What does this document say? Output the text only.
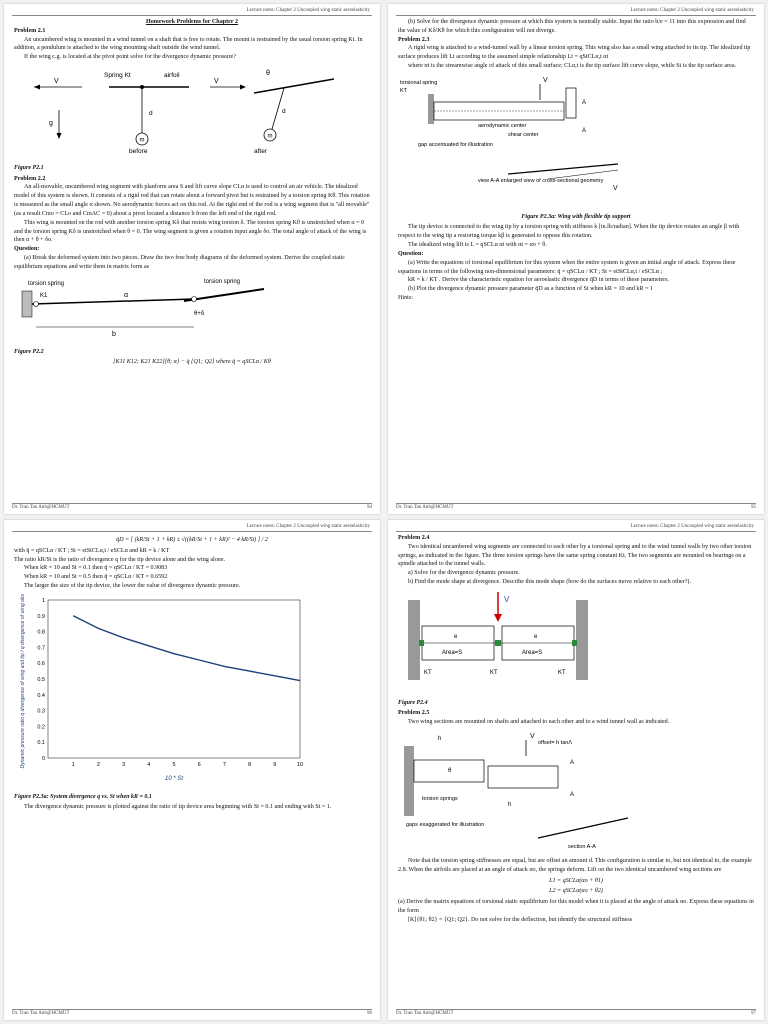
Lecture notes: Chapter 2 Uncoupled wing static aeroelasticity

Homework Problems for Chapter 2

Problem 2.1

An uncambered wing is mounted in a wind tunnel on a shaft that is free to rotate. The mount is restrained by the usual torsion spring Kt. In addition, a pendulum is attached to the wing mounting shaft outside the wind tunnel.

If the wing c.g. is located at the pivot point solve for the divergence dynamic pressure?

V
Spring Kt	airfoil
m
d
g
before
V
θ
m
d
after

Figure P2.1

Problem 2.2

An all-movable, uncambered wing segment with planform area S and lift curve slope CLα is used to control an air vehicle. The idealized model of this system is shown. It consists of a rigid rod that can rotate about a forward pivot but is restrained by a torsion spring Kθ. This rotation is measured as the small angle α shown. No aerodynamic forces act on this rod. At the right end of the rod is a wing segment that is "all movable" (as a result Cmo = CLo and CmAC = 0) about a pivot located a distance b from the left end of the rigid rod.

This wing is mounted on the rod with another torsion spring Kδ that resists wing torsion δ. The torsion spring Kθ is unstretched when α = 0 and the torsion spring Kδ is unstretched when θ = 0. The wing segment is given a rotation input angle δo. The total angle of attack of the wing is then α + θ + δo.

Question:

(a) Break the deformed system into two pieces. Draw the two free body diagrams of the deformed system. Derive the coupled static equilibrium equations and write them in matrix form as

torsion spring	torsion spring
K1	α
θ+δ
b

Figure P2.2

[K11 K12; K21 K22]{θ; α} − q̄ {Q1; Q2} where q̄ = qSCLα / Kθ

Dr. Tran Tan Anh@HCMUT	94
Lecture notes: Chapter 2 Uncoupled wing static aeroelasticity

(b) Solve for the divergence dynamic pressure at which this system is neutrally stable. Input the ratio b/e = 11 into this expression and find the value of Kδ/Kθ for which this configuration will not diverge.

Problem 2.3

A rigid wing is attached to a wind-tunnel wall by a linear torsion spring. This wing also has a small wing attached to its tip. The idealized tip surface produces lift Lt according to the assumed simple relationship Lt = qStCLα,t αt

where αt is the streamwise angle of attack of this small surface; CLα,t is the tip surface lift curve slope, while St is the tip surface area.

torsional spring
KT
V
aerodynamic center
shear center
A
A
gap accentuated for illustration
view A-A enlarged view of cross-sectional geometry
V

Figure P2.3a: Wing with flexible tip support

The tip device is connected to the wing tip by a torsion spring with stiffness k [in.lb/radian]. When the tip device rotates an angle β with respect to the wing tip a restoring torque kβ is generated to oppose this rotation.

The idealized wing lift is L = qSCLα αt with αt = αo + θ.

Question:

(a) Write the equations of torsional equilibrium for this system when the entire system is given an initial angle of attack. Express these equations in terms of the following non-dimensional parameters: q̄ = qSCLα / KT ; St = etStCLα,t / eSCLα ;

kR = k / KT . Derive the characteristic equation for aeroelastic divergence q̄D in terms of these parameters.

(b) Plot the divergence dynamic pressure parameter q̄D as a function of St when kR = 10 and kR = 1

Hints:

Dr. Tran Tan Anh@HCMUT	95
Lecture notes: Chapter 2 Uncoupled wing static aeroelasticity

q̄D = [ (kR/St + 1 + kR) ± √((kR/St + 1 + kR)² − 4 kR/St) ] / 2

with q̄ = qSCLα / KT ; St = etStCLα,t / eSCLα and kR = k / KT

The ratio kR/St is the ratio of divergence q for the tip device alone and the wing alone.

When kR = 10 and St = 0.1 then q̄ = qSCLα / KT = 0.9083

When kR = 10 and St = 0.5 then q̄ = qSCLα / KT = 0.6592

The larger the size of the tip device, the lower the value of divergence dynamic pressure.

0
0.1
0.2
0.3
0.4
0.5
0.6
0.7
0.8
0.9
1
1	2	3	4	5	6	7	8	9	10
Dynamic pressure ratio q divergence of wing and tip / q divergence of wing alone
10 * St

Figure P2.3a: System divergence q vs. St when kR = 0.1

The divergence dynamic pressure is plotted against the ratio of tip device area beginning with St = 0.1 and ending with St = 1.

Dr. Tran Tan Anh@HCMUT	96
Lecture notes: Chapter 2 Uncoupled wing static aeroelasticity

Problem 2.4

Two identical uncambered wing segments are connected to each other by a torsional spring and to the wind tunnel walls by two other torsion springs, as indicated in the figure. The three torsion springs have the same spring constant Kt. The two segments are mounted on bearings on a spindle attached to the tunnel walls.

a) Solve for the divergence dynamic pressure.

b) Find the mode shape at divergence. Describe this mode shape (how do the surfaces move relative to each other?).

V
e	e
Area=S	Area=S
KT	KT	KT

Figure P2.4

Problem 2.5

Two wing sections are mounted on shafts and attached to each other and to a wind tunnel wall as indicated.

h	V
offset= h tanΛ
θ
A
A
torsion springs
h
gaps exaggerated for illustration
section A-A

Note that the torsion spring stiffnesses are equal, but are offset an amount d. This configuration is similar to, but not identical to, the example 2.8. When the airfoils are placed at an angle of attack αo, the springs deform. Lift on the two identical uncambered wing sections are

L1 = qSCLα(αo + θ1)

L2 = qSCLα(αo + θ2)

(a) Derive the matrix equations of torsional static equilibrium for this model when it is placed at the angle of attack αo. Express these equations in the form

[K]{θ1; θ2} = {Q1; Q2}. Do not solve for the deflection, but identify the structural stiffness

Dr. Tran Tan Anh@HCMUT	97
